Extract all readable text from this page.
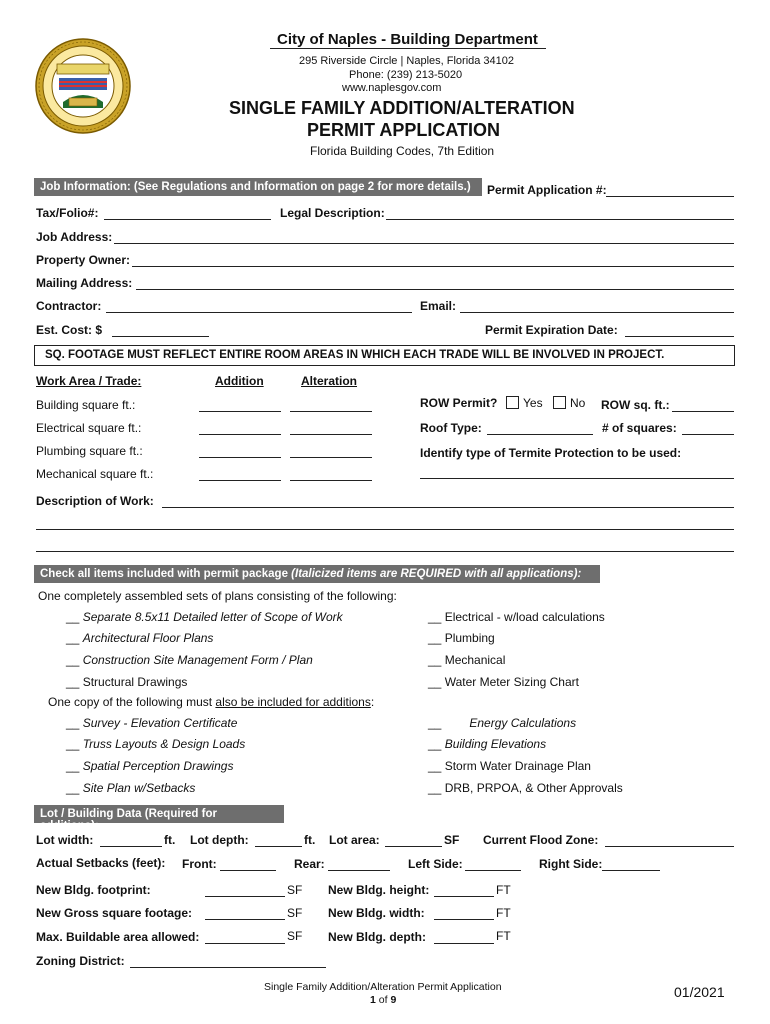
City of Naples - Building Department
295 Riverside Circle | Naples, Florida 34102
Phone: (239) 213-5020
www.naplesgov.com
SINGLE FAMILY ADDITION/ALTERATION
PERMIT APPLICATION
Florida Building Codes, 7th Edition
Job Information: (See Regulations and Information on page 2 for more details.)	Permit Application #:
Tax/Folio#:	Legal Description:
Job Address:
Property Owner:
Mailing Address:
Contractor:	Email:
Est. Cost: $	Permit Expiration Date:
SQ. FOOTAGE MUST REFLECT ENTIRE ROOM AREAS IN WHICH EACH TRADE WILL BE INVOLVED IN PROJECT.
Work Area / Trade:	Addition	Alteration
Building square ft.:
Electrical square ft.:
Plumbing square ft.:
Mechanical square ft.:
ROW Permit? Yes No ROW sq. ft.:
Roof Type:	# of squares:
Identify type of Termite Protection to be used:
Description of Work:
Check all items included with permit package (Italicized items are REQUIRED with all applications):
One completely assembled sets of plans consisting of the following:
__ Separate 8.5x11 Detailed letter of Scope of Work
__ Architectural Floor Plans
__ Construction Site Management Form / Plan
__ Structural Drawings
__ Electrical - w/load calculations
__ Plumbing
__ Mechanical
__ Water Meter Sizing Chart
One copy of the following must also be included for additions:
__ Survey - Elevation Certificate
__ Truss Layouts & Design Loads
__ Spatial Perception Drawings
__ Site Plan w/Setbacks
__ Energy Calculations
__ Building Elevations
__ Storm Water Drainage Plan
__ DRB, PRPOA, & Other Approvals
Lot / Building Data (Required for additions):
Lot width:	ft. Lot depth:	ft. Lot area:	SF Current Flood Zone:
Actual Setbacks (feet): Front:	Rear:	Left Side:	Right Side:
New Bldg. footprint:	SF New Bldg. height:	FT
New Gross square footage:	SF New Bldg. width:	FT
Max. Buildable area allowed:	SF New Bldg. depth:	FT
Zoning District:
Single Family Addition/Alteration Permit Application
1 of 9	01/2021
